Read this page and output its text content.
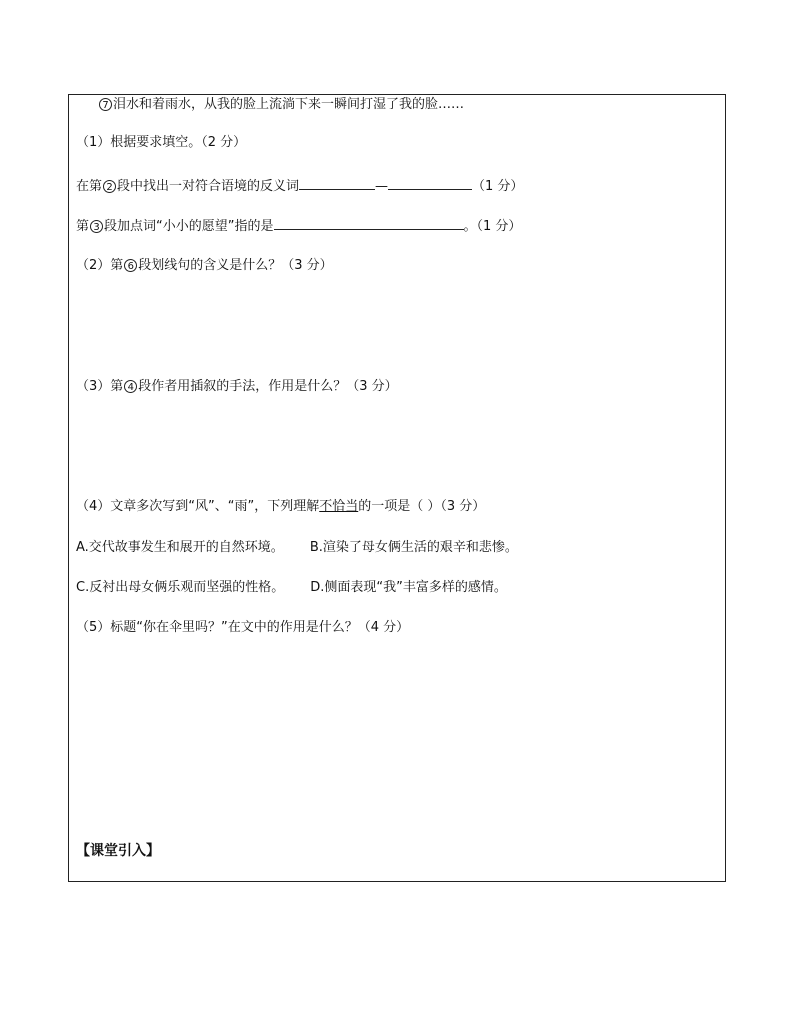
7 泪水和着雨水，从我的脸上流淌下来一瞬间打湿了我的脸……
（1）根据要求填空。（2 分）
在第 2 段中找出一对符合语境的反义词	—	（1 分）
第 3 段加点词“小小的愿望”指的是	。（1 分）
（2）第 6 段划线句的含义是什么？（3 分）
（3）第 4 段作者用插叙的手法，作用是什么？（3 分）
（4）文章多次写到“风”、“雨”，下列理解不恰当的一项是（ ）（3 分）
A.交代故事发生和展开的自然环境。 B.渲染了母女俩生活的艰辛和悲惨。
C.反衬出母女俩乐观而坚强的性格。 D.侧面表现“我”丰富多样的感情。
（5）标题“你在伞里吗？”在文中的作用是什么？（4 分）
【课堂引入】
